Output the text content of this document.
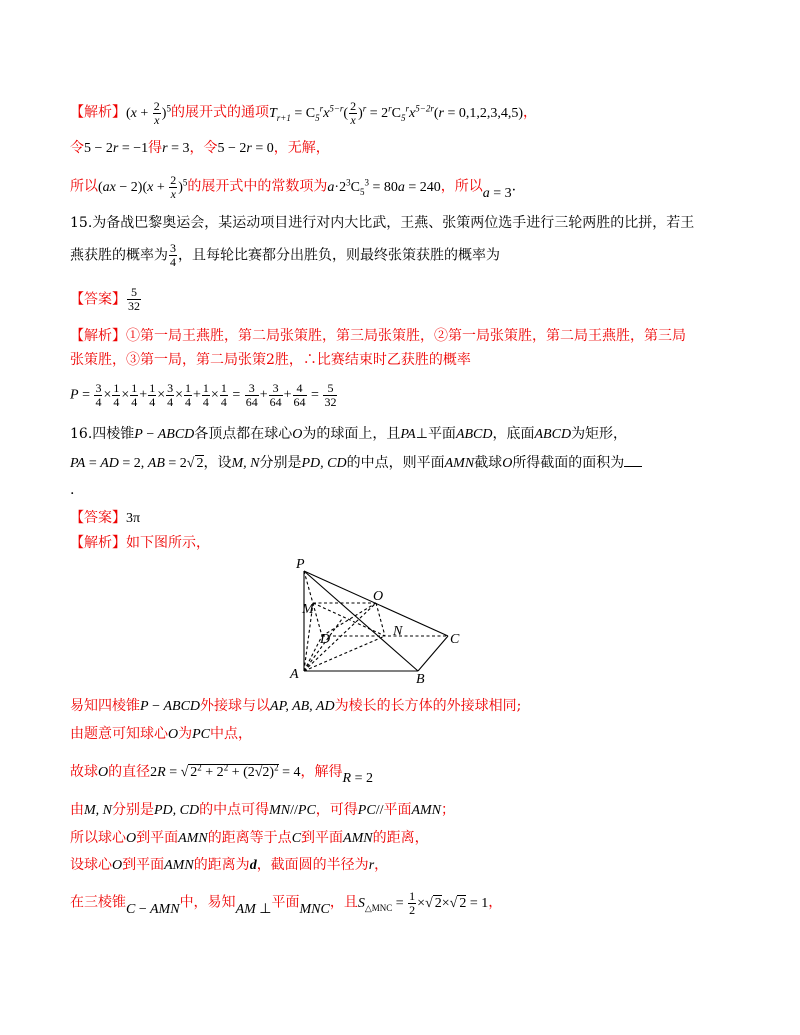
【解析】$(x + \frac{2}{x} )^5$的展开式的通项$T_{r+1} = C_5^rx^{5-r}( \frac{2}{x} )^r = 2^rC_5^rx^{5-2r}(r = 0,1,2,3,4,5)$，
令5 − 2r = −1得r = 3，令5 − 2r = 0，无解，
所以$(ax - 2)(x + \frac{2}{x} )^5$的展开式中的常数项为$a\cdot 2^3C_5^3 = 80a = 240$，所以a = 3.
15.为备战巴黎奥运会，某运动项目进行对内大比武，王燕、张策两位选手进行三轮两胜的比拼，若王
燕获胜的概率为 $\frac{3}{4}$ ，且每轮比赛都分出胜负，则最终张策获胜的概率为
【答案】 $\frac{5}{32}$
【解析】①第一局王燕胜，第二局张策胜，第三局张策胜，②第一局张策胜，第二局王燕胜，第三局
张策胜，③第一局，第二局张策2胜，∴比赛结束时乙获胜的概率
$P = \frac{3}{4} \times \frac{1}{4} \times \frac{1}{4} + \frac{1}{4} \times \frac{3}{4} \times \frac{1}{4} + \frac{1}{4} \times \frac{1}{4} = \frac{3}{64} + \frac{3}{64} + \frac{4}{64} = \frac{5}{32}$
16.四棱锥P − ABCD各顶点都在球心O为的球面上，且PA⊥平面ABCD，底面ABCD为矩形，
PA = AD = 2, AB = 2√ 2，设M, N分别是PD, CD的中点，则平面AMN截球O所得截面的面积为
.
【答案】3π
【解析】如下图所示，
P
M
O
D
N
C
A	B
易知四棱锥P − ABCD外接球与以AP, AB, AD为棱长的长方体的外接球相同;
由题意可知球心O为PC中点，
故球O的直径2R = √ $2^2 + 2^2 + (2√2)^2 = 4$，解得R = 2
由M, N分别是PD, CD的中点可得MN//PC，可得PC//平面AMN；
所以球心O到平面AMN的距离等于点C到平面AMN的距离，
设球心O到平面AMN的距离为d，截面圆的半径为r，
在三棱锥C − AMN中，易知AM ⊥平面MNC，且$S_{\triangle MNC} = \frac{1}{2}$ ×√ 2×√ 2 = 1，
